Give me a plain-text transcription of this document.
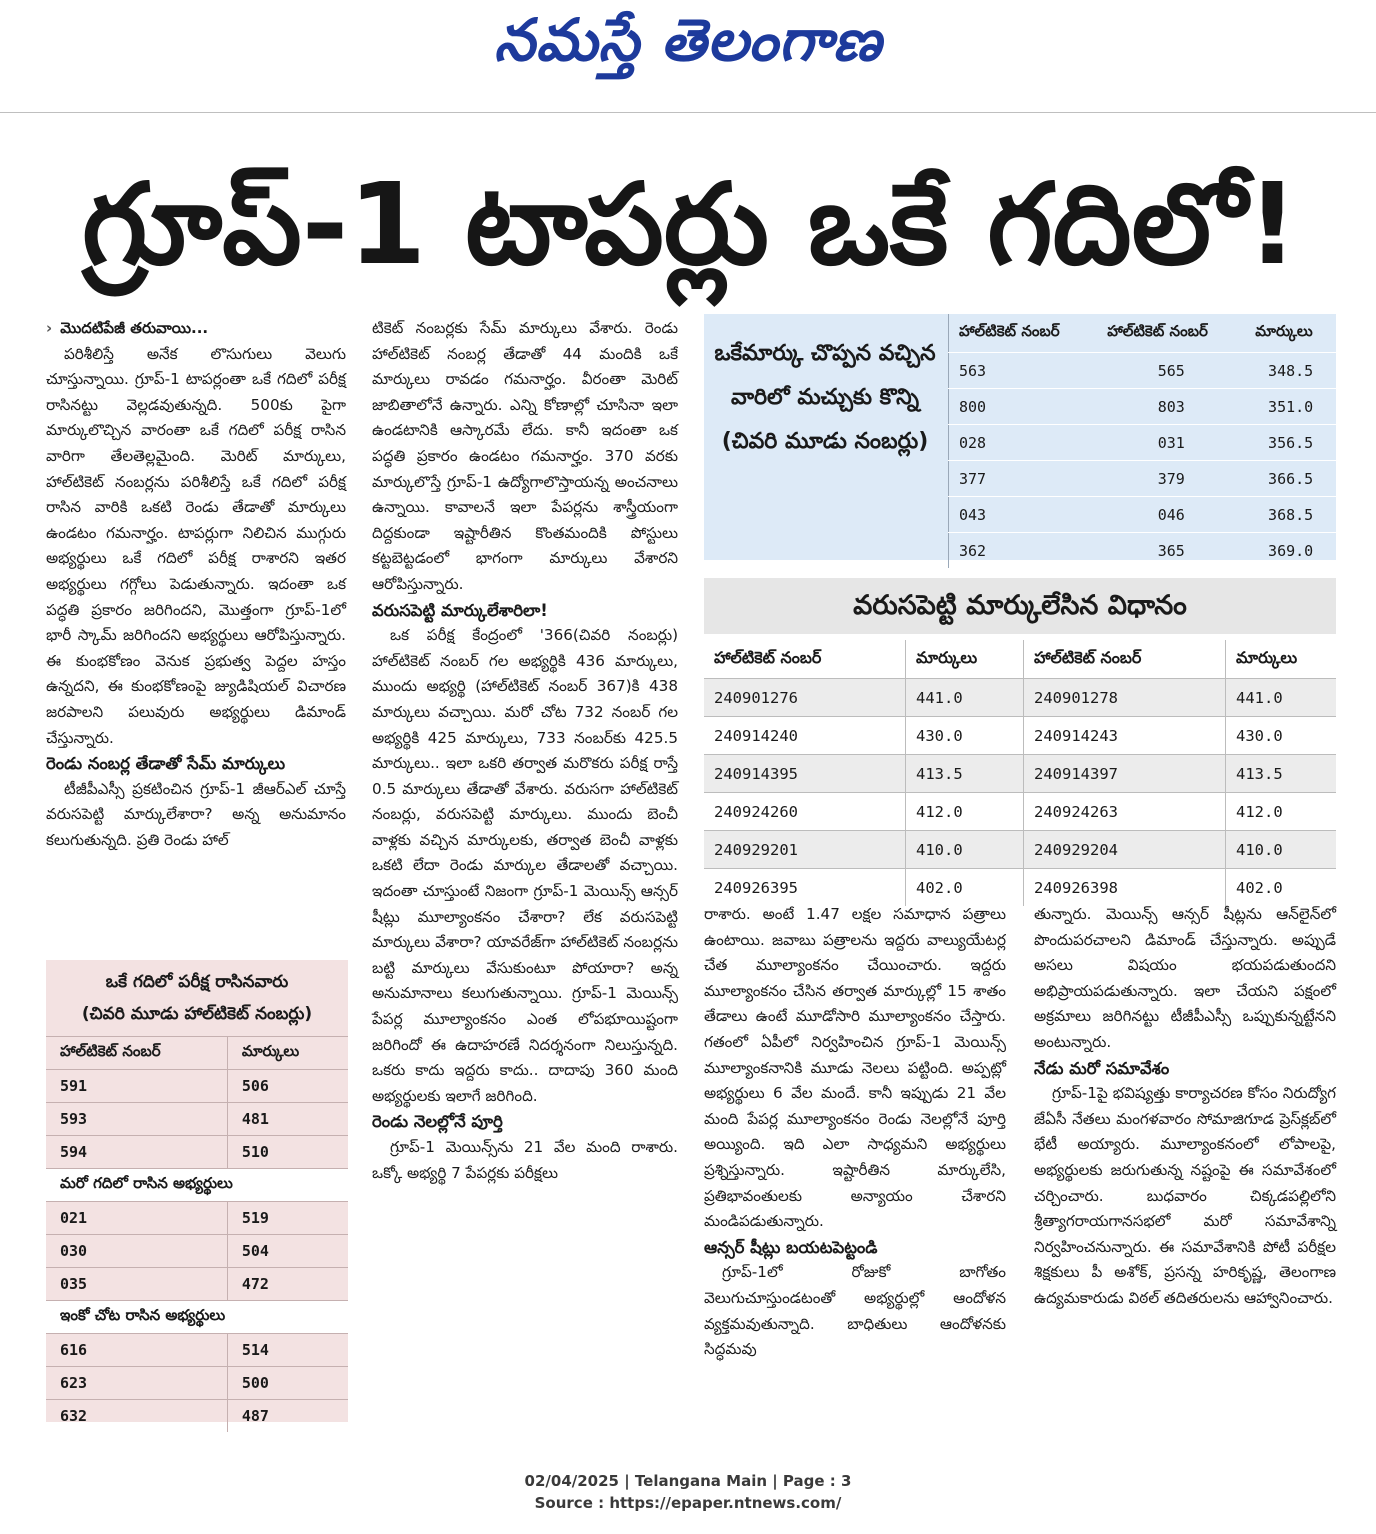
నమస్తే తెలంగాణ
గ్రూప్-1 టాపర్లు ఒకే గదిలో!

› మొదటిపేజీ తరువాయి...

పరిశీలిస్తే అనేక లొసుగులు వెలుగు చూస్తున్నాయి. గ్రూప్-1 టాపర్లంతా ఒకే గదిలో పరీక్ష రాసినట్టు వెల్లడవుతున్నది. 500కు పైగా మార్కులొచ్చిన వారంతా ఒకే గదిలో పరీక్ష రాసిన వారిగా తేలతెల్లమైంది. మెరిట్ మార్కులు, హాల్‌టికెట్ నంబర్లను పరిశీలిస్తే ఒకే గదిలో పరీక్ష రాసిన వారికి ఒకటి రెండు తేడాతో మార్కులు ఉండటం గమనార్హం. టాపర్లుగా నిలిచిన ముగ్గురు అభ్యర్థులు ఒకే గదిలో పరీక్ష రాశారని ఇతర అభ్యర్థులు గగ్గోలు పెడుతున్నారు. ఇదంతా ఒక పద్ధతి ప్రకారం జరిగిందని, మొత్తంగా గ్రూప్-1లో భారీ స్కామ్ జరిగిందని అభ్యర్థులు ఆరోపిస్తున్నారు. ఈ కుంభకోణం వెనుక ప్రభుత్వ పెద్దల హస్తం ఉన్నదని, ఈ కుంభకోణంపై జ్యుడిషియల్ విచారణ జరపాలని పలువురు అభ్యర్థులు డిమాండ్ చేస్తున్నారు.

రెండు నంబర్ల తేడాతో సేమ్ మార్కులు

టీజీపీఎస్సీ ప్రకటించిన గ్రూప్-1 జీఆర్ఎల్ చూస్తే వరుసపెట్టి మార్కులేశారా? అన్న అనుమానం కలుగుతున్నది. ప్రతి రెండు హాల్

ఒకే గదిలో పరీక్ష రాసినవారు
(చివరి మూడు హాల్‌టికెట్ నంబర్లు)
హాల్‌టికెట్ నంబర్	మార్కులు
591	506
593	481
594	510
మరో గదిలో రాసిన అభ్యర్థులు	
021	519
030	504
035	472
ఇంకో చోట రాసిన అభ్యర్థులు	
616	514
623	500
632	487

టికెట్ నంబర్లకు సేమ్ మార్కులు వేశారు. రెండు హాల్‌టికెట్ నంబర్ల తేడాతో 44 మందికి ఒకే మార్కులు రావడం గమనార్హం. వీరంతా మెరిట్ జాబితాలోనే ఉన్నారు. ఎన్ని కోణాల్లో చూసినా ఇలా ఉండటానికి ఆస్కారమే లేదు. కానీ ఇదంతా ఒక పద్ధతి ప్రకారం ఉండటం గమనార్హం. 370 వరకు మార్కులొస్తే గ్రూప్-1 ఉద్యోగాలొస్తాయన్న అంచనాలు ఉన్నాయి. కావాలనే ఇలా పేపర్లను శాస్త్రీయంగా దిద్దకుండా ఇష్టారీతిన కొంతమందికి పోస్టులు కట్టబెట్టడంలో భాగంగా మార్కులు వేశారని ఆరోపిస్తున్నారు.

వరుసపెట్టి మార్కులేశారిలా!

ఒక పరీక్ష కేంద్రంలో '366(చివరి నంబర్లు) హాల్‌టికెట్ నంబర్ గల అభ్యర్థికి 436 మార్కులు, ముందు అభ్యర్థి (హాల్‌టికెట్ నంబర్ 367)కి 438 మార్కులు వచ్చాయి. మరో చోట 732 నంబర్ గల అభ్యర్థికి 425 మార్కులు, 733 నంబర్‌కు 425.5 మార్కులు.. ఇలా ఒకరి తర్వాత మరొకరు పరీక్ష రాస్తే 0.5 మార్కులు తేడాతో వేశారు. వరుసగా హాల్‌టికెట్ నంబర్లు, వరుసపెట్టి మార్కులు. ముందు బెంచీ వాళ్లకు వచ్చిన మార్కులకు, తర్వాత బెంచీ వాళ్లకు ఒకటి లేదా రెండు మార్కుల తేడాలతో వచ్చాయి. ఇదంతా చూస్తుంటే నిజంగా గ్రూప్-1 మెయిన్స్ ఆన్సర్ షీట్లు మూల్యాంకనం చేశారా? లేక వరుసపెట్టి మార్కులు వేశారా? యావరేజ్‌గా హాల్‌టికెట్ నంబర్లను బట్టి మార్కులు వేసుకుంటూ పోయారా? అన్న అనుమానాలు కలుగుతున్నాయి. గ్రూప్-1 మెయిన్స్ పేపర్ల మూల్యాంకనం ఎంత లోపభూయిష్టంగా జరిగిందో ఈ ఉదాహరణే నిదర్శనంగా నిలుస్తున్నది. ఒకరు కాదు ఇద్దరు కాదు.. దాదాపు 360 మంది అభ్యర్థులకు ఇలాగే జరిగింది.

రెండు నెలల్లోనే పూర్తి

గ్రూప్-1 మెయిన్స్‌ను 21 వేల మంది రాశారు. ఒక్కో అభ్యర్థి 7 పేపర్లకు పరీక్షలు

ఒకేమార్కు చొప్పన వచ్చిన వారిలో మచ్చుకు కొన్ని (చివరి మూడు నంబర్లు)
హాల్‌టికెట్ నంబర్	హాల్‌టికెట్ నంబర్	మార్కులు
563	565	348.5
800	803	351.0
028	031	356.5
377	379	366.5
043	046	368.5
362	365	369.0
వరుసపెట్టి మార్కులేసిన విధానం
హాల్‌టికెట్ నంబర్	మార్కులు	హాల్‌టికెట్ నంబర్	మార్కులు
240901276	441.0	240901278	441.0
240914240	430.0	240914243	430.0
240914395	413.5	240914397	413.5
240924260	412.0	240924263	412.0
240929201	410.0	240929204	410.0
240926395	402.0	240926398	402.0

రాశారు. అంటే 1.47 లక్షల సమాధాన పత్రాలు ఉంటాయి. జవాబు పత్రాలను ఇద్దరు వాల్యుయేటర్ల చేత మూల్యాంకనం చేయించారు. ఇద్దరు మూల్యాంకనం చేసిన తర్వాత మార్కుల్లో 15 శాతం తేడాలు ఉంటే మూడోసారి మూల్యాంకనం చేస్తారు. గతంలో ఏపీలో నిర్వహించిన గ్రూప్-1 మెయిన్స్ మూల్యాంకనానికి మూడు నెలలు పట్టింది. అప్పట్లో అభ్యర్థులు 6 వేల మందే. కానీ ఇప్పుడు 21 వేల మంది పేపర్ల మూల్యాంకనం రెండు నెలల్లోనే పూర్తి అయ్యింది. ఇది ఎలా సాధ్యమని అభ్యర్థులు ప్రశ్నిస్తున్నారు. ఇష్టారీతిన మార్కులేసి, ప్రతిభావంతులకు అన్యాయం చేశారని మండిపడుతున్నారు.

ఆన్సర్ షీట్లు బయటపెట్టండి

గ్రూప్-1లో రోజుకో బాగోతం వెలుగుచూస్తుండటంతో అభ్యర్థుల్లో ఆందోళన వ్యక్తమవుతున్నాది. బాధితులు ఆందోళనకు సిద్ధమవు

తున్నారు. మెయిన్స్ ఆన్సర్ షీట్లను ఆన్‌లైన్‌లో పొందుపరచాలని డిమాండ్ చేస్తున్నారు. అప్పుడే అసలు విషయం భయపడుతుందని అభిప్రాయపడుతున్నారు. ఇలా చేయని పక్షంలో అక్రమాలు జరిగినట్టు టీజీపీఎస్సీ ఒప్పుకున్నట్టేనని అంటున్నారు.

నేడు మరో సమావేశం

గ్రూప్-1పై భవిష్యత్తు కార్యాచరణ కోసం నిరుద్యోగ జేఏసీ నేతలు మంగళవారం సోమాజిగూడ ప్రెస్‌క్లబ్‌లో భేటీ అయ్యారు. మూల్యాంకనంలో లోపాలపై, అభ్యర్థులకు జరుగుతున్న నష్టంపై ఈ సమావేశంలో చర్చించారు. బుధవారం చిక్కడపల్లిలోని శ్రీత్యాగరాయగానసభలో మరో సమావేశాన్ని నిర్వహించనున్నారు. ఈ సమావేశానికి పోటీ పరీక్షల శిక్షకులు పీ అశోక్, ప్రసన్న హరికృష్ణ, తెలంగాణ ఉద్యమకారుడు విఠల్ తదితరులను ఆహ్వానించారు.

02/04/2025 | Telangana Main | Page : 3
Source : https://epaper.ntnews.com/
